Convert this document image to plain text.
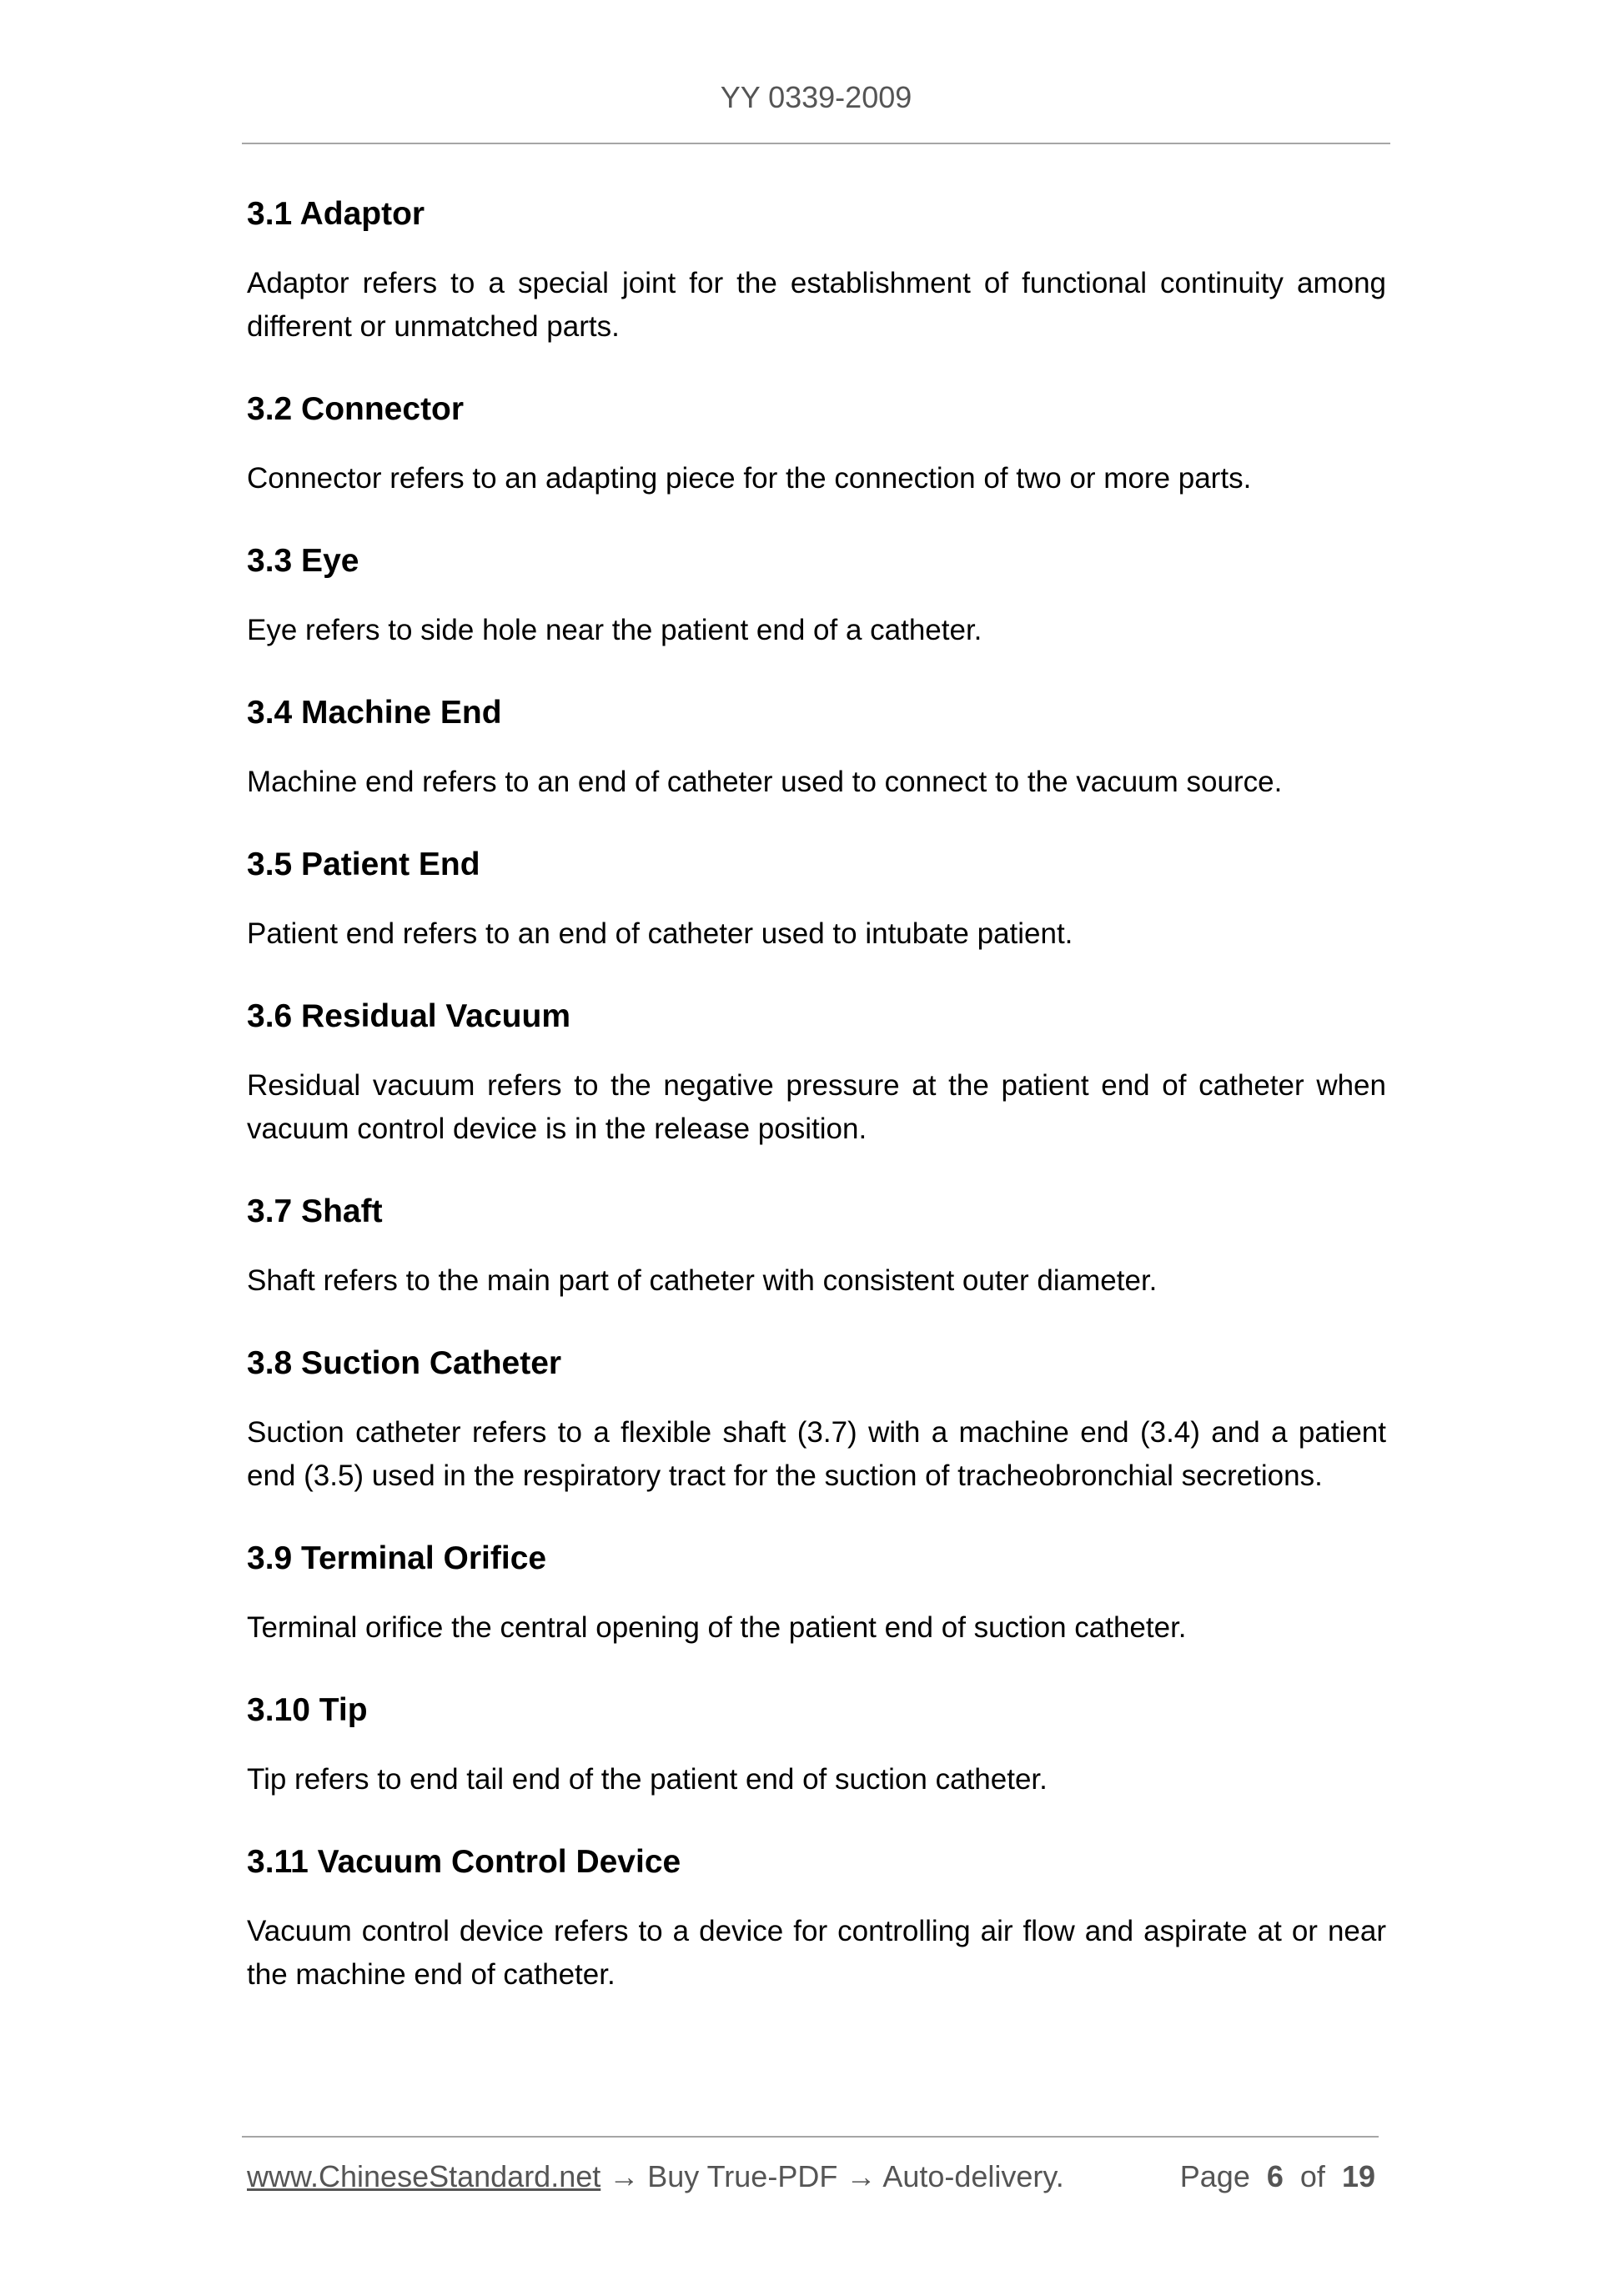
YY 0339-2009
3.1 Adaptor

Adaptor refers to a special joint for the establishment of functional continuity among different or unmatched parts.

3.2 Connector

Connector refers to an adapting piece for the connection of two or more parts.

3.3 Eye

Eye refers to side hole near the patient end of a catheter.

3.4 Machine End

Machine end refers to an end of catheter used to connect to the vacuum source.

3.5 Patient End

Patient end refers to an end of catheter used to intubate patient.

3.6 Residual Vacuum

Residual vacuum refers to the negative pressure at the patient end of catheter when vacuum control device is in the release position.

3.7 Shaft

Shaft refers to the main part of catheter with consistent outer diameter.

3.8 Suction Catheter

Suction catheter refers to a flexible shaft (3.7) with a machine end (3.4) and a patient end (3.5) used in the respiratory tract for the suction of tracheobronchial secretions.

3.9 Terminal Orifice

Terminal orifice the central opening of the patient end of suction catheter.

3.10 Tip

Tip refers to end tail end of the patient end of suction catheter.

3.11 Vacuum Control Device

Vacuum control device refers to a device for controlling air flow and aspirate at or near the machine end of catheter.

www.ChineseStandard.net → Buy True-PDF → Auto-delivery.	Page 6 of 19
